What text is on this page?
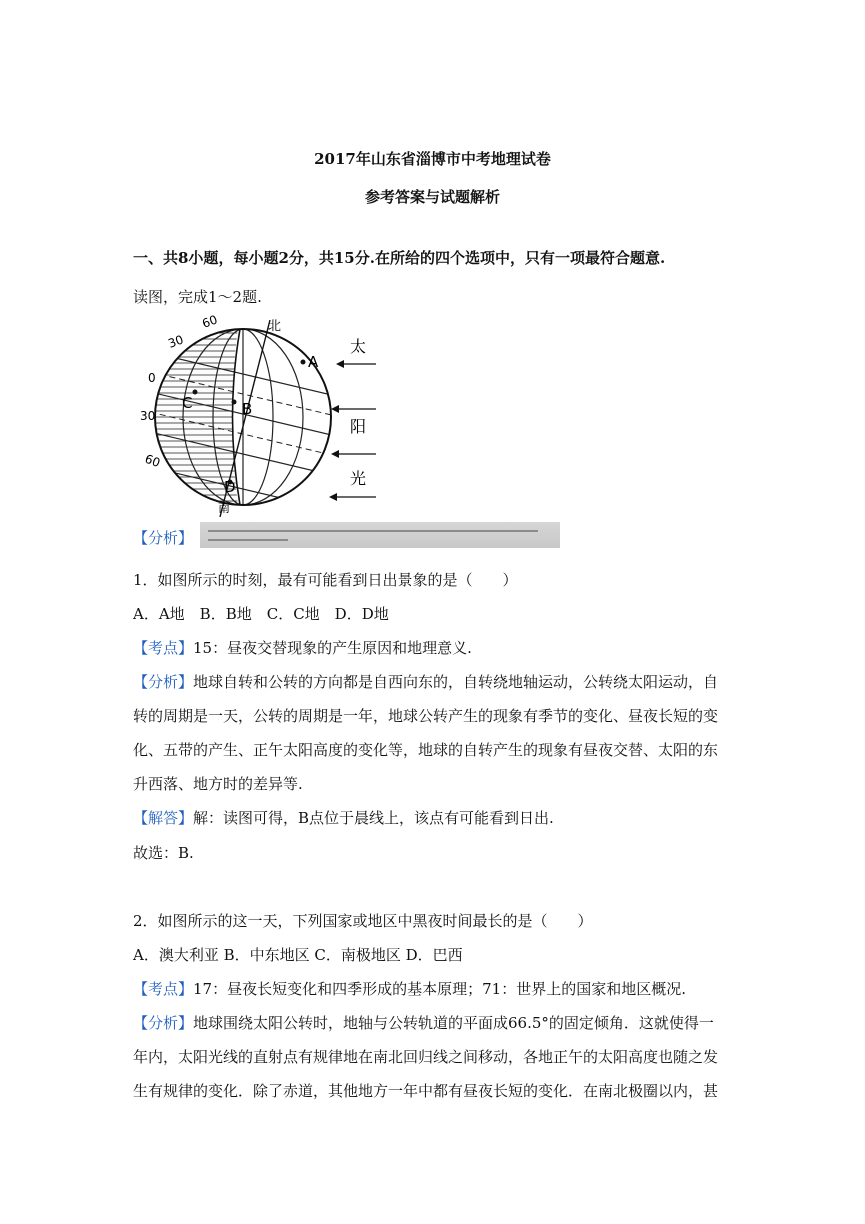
2017年山东省淄博市中考地理试卷
参考答案与试题解析
一、共8小题，每小题2分，共15分.在所给的四个选项中，只有一项最符合题意.
读图，完成1～2题.
60
30
0
30
60
北
南
A
B
C
D
太
阳
光
【分析】
1．如图所示的时刻，最有可能看到日出景象的是（　　）
A．A地　B．B地　C．C地　D．D地
【考点】15：昼夜交替现象的产生原因和地理意义.
【分析】地球自转和公转的方向都是自西向东的，自转绕地轴运动，公转绕太阳运动，自
转的周期是一天，公转的周期是一年，地球公转产生的现象有季节的变化、昼夜长短的变
化、五带的产生、正午太阳高度的变化等，地球的自转产生的现象有昼夜交替、太阳的东
升西落、地方时的差异等.
【解答】解：读图可得，B点位于晨线上，该点有可能看到日出.
故选：B.
2．如图所示的这一天，下列国家或地区中黑夜时间最长的是（　　）
A．澳大利亚 B．中东地区 C．南极地区 D．巴西
【考点】17：昼夜长短变化和四季形成的基本原理；71：世界上的国家和地区概况.
【分析】地球围绕太阳公转时，地轴与公转轨道的平面成66.5°的固定倾角．这就使得一
年内，太阳光线的直射点有规律地在南北回归线之间移动，各地正午的太阳高度也随之发
生有规律的变化．除了赤道，其他地方一年中都有昼夜长短的变化．在南北极圈以内，甚
